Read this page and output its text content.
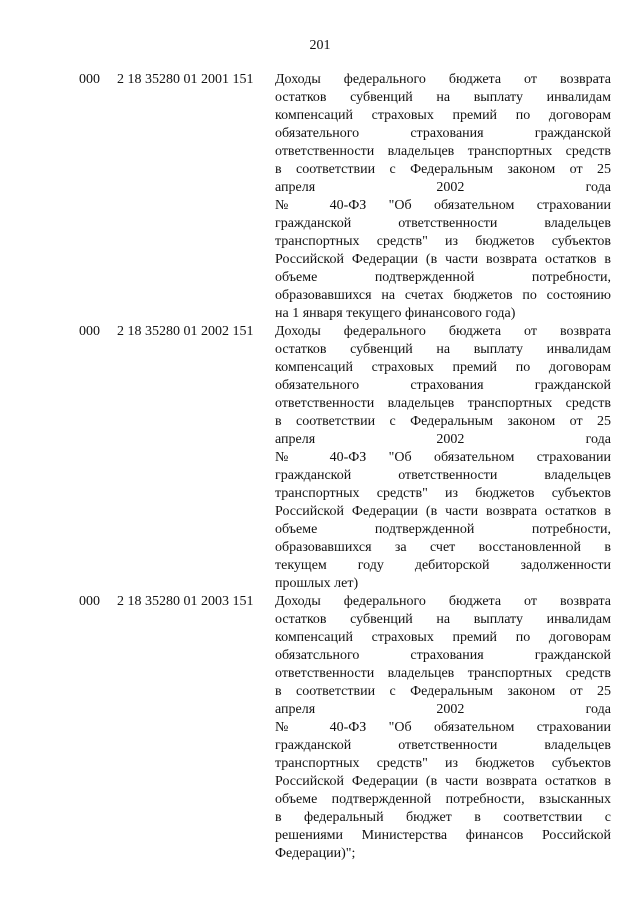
201
000 2 18 35280 01 2001 151 Доходы федерального бюджета от возврата
остатков субвенций на выплату инвалидам
компенсаций страховых премий по договорам
обязательного страхования гражданской
ответственности владельцев транспортных средств
в соответствии с Федеральным законом от 25
апреля 2002 года
№ 40-ФЗ "Об обязательном страховании
гражданской ответственности владельцев
транспортных средств" из бюджетов субъектов
Российской Федерации (в части возврата остатков в
объеме подтвержденной потребности,
образовавшихся на счетах бюджетов по состоянию
на 1 января текущего финансового года)
000 2 18 35280 01 2002 151 Доходы федерального бюджета от возврата
остатков субвенций на выплату инвалидам
компенсаций страховых премий по договорам
обязательного страхования гражданской
ответственности владельцев транспортных средств
в соответствии с Федеральным законом от 25
апреля 2002 года
№ 40-ФЗ "Об обязательном страховании
гражданской ответственности владельцев
транспортных средств" из бюджетов субъектов
Российской Федерации (в части возврата остатков в
объеме подтвержденной потребности,
образовавшихся за счет восстановленной в
текущем году дебиторской задолженности
прошлых лет)
000 2 18 35280 01 2003 151 Доходы федерального бюджета от возврата
остатков субвенций на выплату инвалидам
компенсаций страховых премий по договорам
обязатсльного страхования гражданской
ответственности владельцев транспортных средств
в соответствии с Федеральным законом от 25
апреля 2002 года
№ 40-ФЗ "Об обязательном страховании
гражданской ответственности владельцев
транспортных средств" из бюджетов субъектов
Российской Федерации (в части возврата остатков в
объеме подтвержденной потребности, взысканных
в федеральный бюджет в соответствии с
решениями Министерства финансов Российской
Федерации)";
